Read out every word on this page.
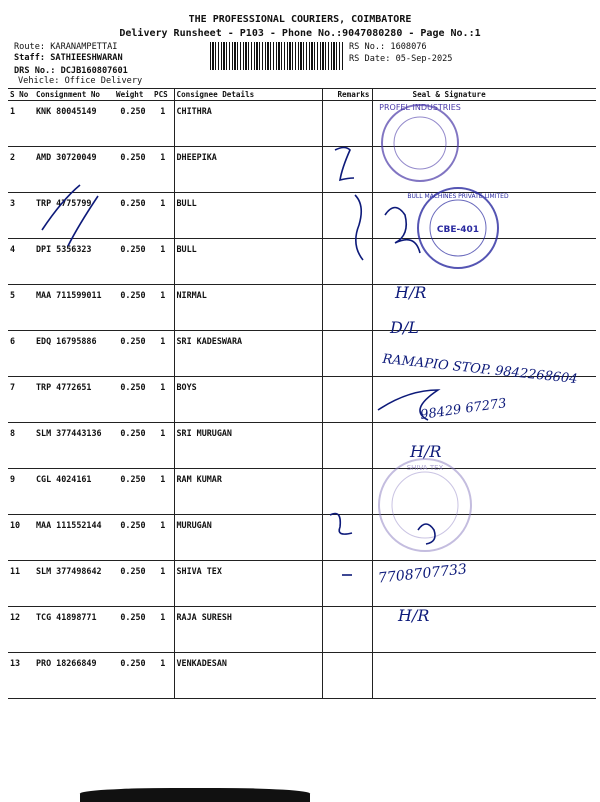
THE PROFESSIONAL COURIERS, COIMBATORE
Delivery Runsheet - P103 - Phone No.:9047080280 - Page No.:1
Route: KARANAMPETTAI
Staff: SATHIEESHWARAN
DRS No.: DCJB160807601
Vehicle: Office Delivery
RS No.: 1608076
RS Date: 05-Sep-2025
S No	Consignment No	Weight	PCS	Consignee Details	Remarks	Seal & Signature
1	KNK 80045149	0.250	1	CHITHRA		
2	AMD 30720049	0.250	1	DHEEPIKA		
3	TRP 4775799	0.250	1	BULL		
4	DPI 5356323	0.250	1	BULL		
5	MAA 711599011	0.250	1	NIRMAL		
6	EDQ 16795886	0.250	1	SRI KADESWARA		
7	TRP 4772651	0.250	1	BOYS		
8	SLM 377443136	0.250	1	SRI MURUGAN		
9	CGL 4024161	0.250	1	RAM KUMAR		
10	MAA 111552144	0.250	1	MURUGAN		
11	SLM 377498642	0.250	1	SHIVA TEX		
12	TCG 41898771	0.250	1	RAJA SURESH		
13	PRO 18266849	0.250	1	VENKADESAN		
PROFEL INDUSTRIES
CBE-401
BULL MACHINES PRIVATE LIMITED
SHIVA TEX
H/R
D/L
RAMAPIO STOP. 9842268604
98429 67273
H/R
7708707733
H/R
